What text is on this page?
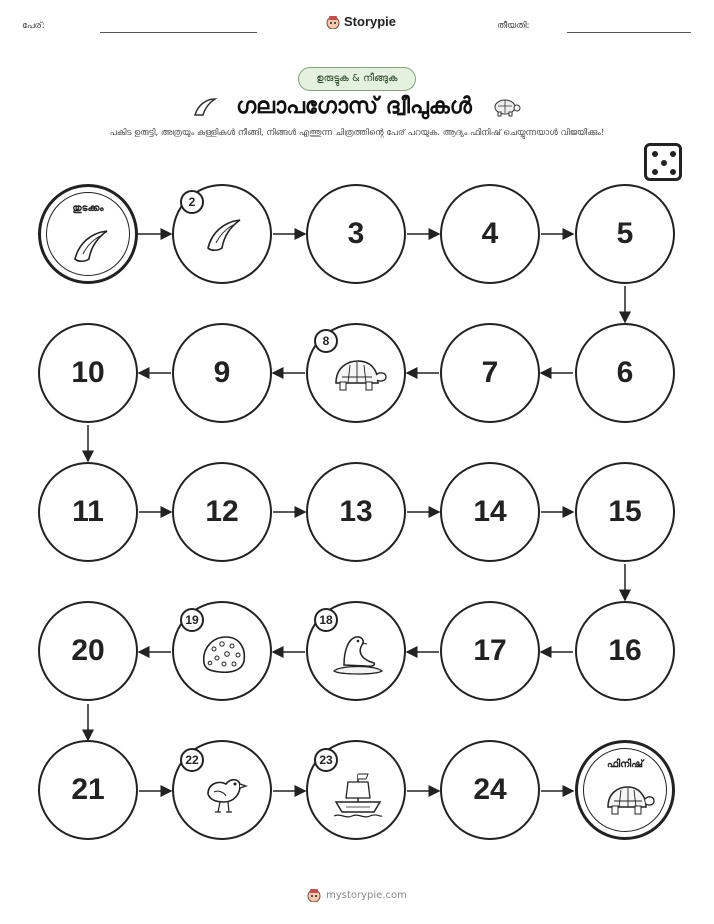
പേര്:	Storypie	തീയതി:
ഉരുട്ടുക & നീങ്ങുക
ഗലാപഗോസ് ദ്വീപുകൾ
പകിട ഉരുട്ടി, അത്രയും കള്ളികൾ നീങ്ങി, നിങ്ങൾ എത്തുന്ന ചിത്രത്തിന്റെ പേര് പറയുക. ആദ്യം ഫിനിഷ് ചെയ്യുന്നയാൾ വിജയിക്കും!
തുടക്കം	2
3	4	5
6
7
8
9
10
11	12	13	14	15
16
17
18
19
20
21
22	23
24
ഫിനിഷ്
mystorypie.com
